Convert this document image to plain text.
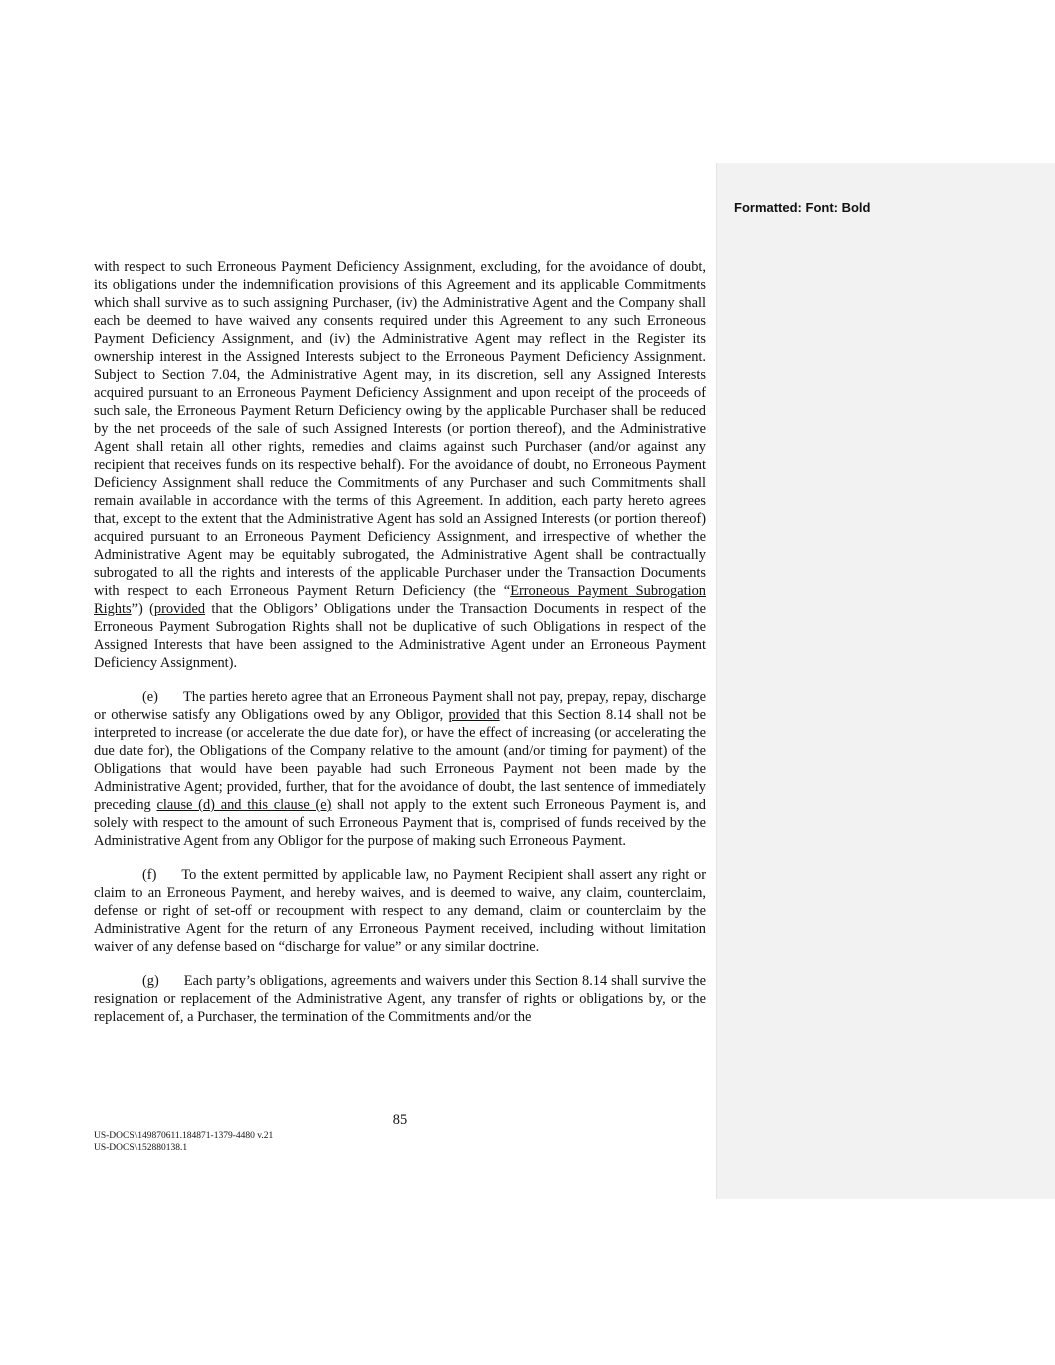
Formatted: Font: Bold

with respect to such Erroneous Payment Deficiency Assignment, excluding, for the avoidance of doubt, its obligations under the indemnification provisions of this Agreement and its applicable Commitments which shall survive as to such assigning Purchaser, (iv) the Administrative Agent and the Company shall each be deemed to have waived any consents required under this Agreement to any such Erroneous Payment Deficiency Assignment, and (iv) the Administrative Agent may reflect in the Register its ownership interest in the Assigned Interests subject to the Erroneous Payment Deficiency Assignment. Subject to Section 7.04, the Administrative Agent may, in its discretion, sell any Assigned Interests acquired pursuant to an Erroneous Payment Deficiency Assignment and upon receipt of the proceeds of such sale, the Erroneous Payment Return Deficiency owing by the applicable Purchaser shall be reduced by the net proceeds of the sale of such Assigned Interests (or portion thereof), and the Administrative Agent shall retain all other rights, remedies and claims against such Purchaser (and/or against any recipient that receives funds on its respective behalf). For the avoidance of doubt, no Erroneous Payment Deficiency Assignment shall reduce the Commitments of any Purchaser and such Commitments shall remain available in accordance with the terms of this Agreement. In addition, each party hereto agrees that, except to the extent that the Administrative Agent has sold an Assigned Interests (or portion thereof) acquired pursuant to an Erroneous Payment Deficiency Assignment, and irrespective of whether the Administrative Agent may be equitably subrogated, the Administrative Agent shall be contractually subrogated to all the rights and interests of the applicable Purchaser under the Transaction Documents with respect to each Erroneous Payment Return Deficiency (the “Erroneous Payment Subrogation Rights”) (provided that the Obligors’ Obligations under the Transaction Documents in respect of the Erroneous Payment Subrogation Rights shall not be duplicative of such Obligations in respect of the Assigned Interests that have been assigned to the Administrative Agent under an Erroneous Payment Deficiency Assignment).

(e) The parties hereto agree that an Erroneous Payment shall not pay, prepay, repay, discharge or otherwise satisfy any Obligations owed by any Obligor, provided that this Section 8.14 shall not be interpreted to increase (or accelerate the due date for), or have the effect of increasing (or accelerating the due date for), the Obligations of the Company relative to the amount (and/or timing for payment) of the Obligations that would have been payable had such Erroneous Payment not been made by the Administrative Agent; provided, further, that for the avoidance of doubt, the last sentence of immediately preceding clause (d) and this clause (e) shall not apply to the extent such Erroneous Payment is, and solely with respect to the amount of such Erroneous Payment that is, comprised of funds received by the Administrative Agent from any Obligor for the purpose of making such Erroneous Payment.

(f) To the extent permitted by applicable law, no Payment Recipient shall assert any right or claim to an Erroneous Payment, and hereby waives, and is deemed to waive, any claim, counterclaim, defense or right of set-off or recoupment with respect to any demand, claim or counterclaim by the Administrative Agent for the return of any Erroneous Payment received, including without limitation waiver of any defense based on “discharge for value” or any similar doctrine.

(g) Each party’s obligations, agreements and waivers under this Section 8.14 shall survive the resignation or replacement of the Administrative Agent, any transfer of rights or obligations by, or the replacement of, a Purchaser, the termination of the Commitments and/or the

85
US-DOCS\149870611.184871-1379-4480 v.21
US-DOCS\152880138.1
